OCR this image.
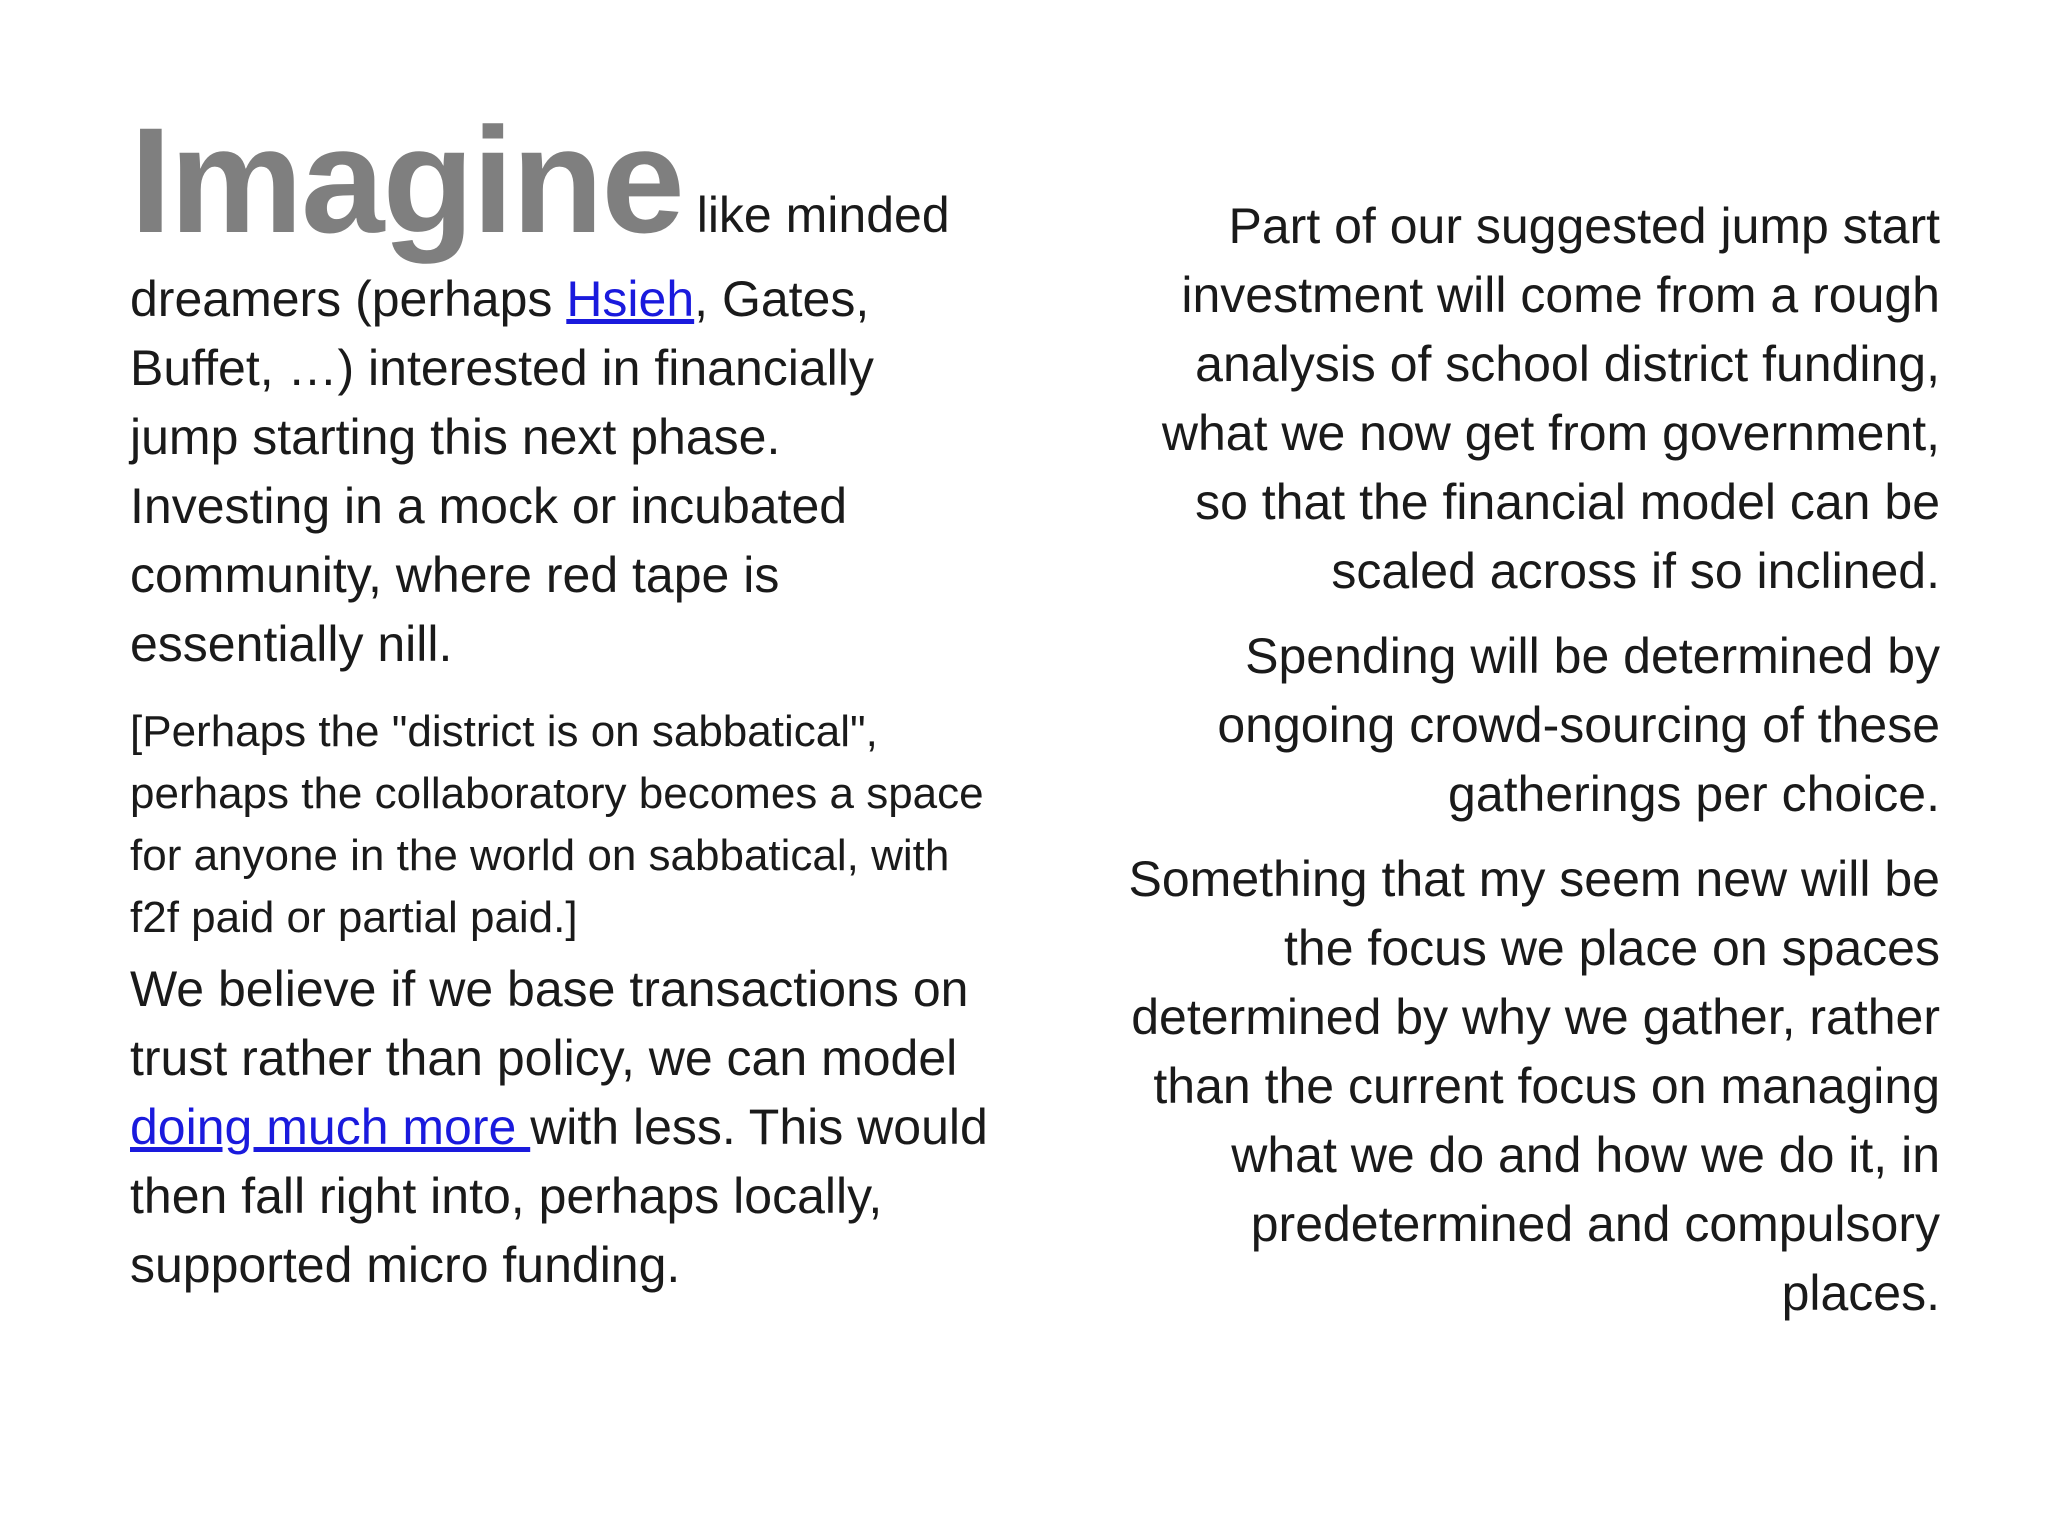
Imagine like minded

dreamers (perhaps Hsieh, Gates, Buffet, …) interested in financially jump starting this next phase. Investing in a mock or incubated community, where red tape is essentially nill.

[Perhaps the "district is on sabbatical", perhaps the collaboratory becomes a space for anyone in the world on sabbatical, with f2f paid or partial paid.]

We believe if we base transactions on trust rather than policy, we can model doing much more with less. This would then fall right into, perhaps locally, supported micro funding.

Part of our suggested jump start investment will come from a rough analysis of school district funding, what we now get from government, so that the financial model can be scaled across if so inclined.

Spending will be determined by ongoing crowd-sourcing of these gatherings per choice.

Something that my seem new will be the focus we place on spaces determined by why we gather, rather than the current focus on managing what we do and how we do it, in predetermined and compulsory places.
